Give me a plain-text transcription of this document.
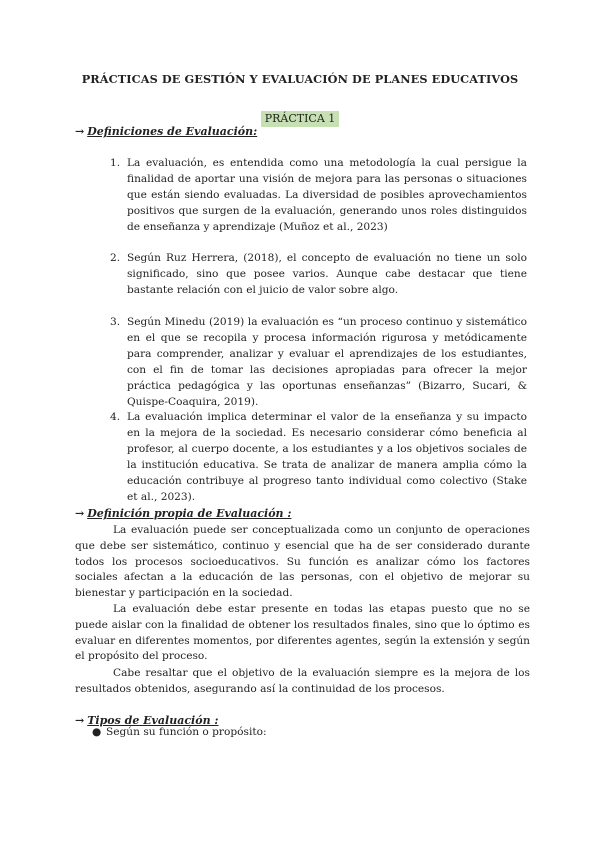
PRÁCTICAS DE GESTIÓN Y EVALUACIÓN DE PLANES EDUCATIVOS
PRÁCTICA 1
→ Definiciones de Evaluación:
1. La evaluación, es entendida como una metodología la cual persigue la finalidad de aportar una visión de mejora para las personas o situaciones que están siendo evaluadas. La diversidad de posibles aprovechamientos positivos que surgen de la evaluación, generando unos roles distinguidos de enseñanza y aprendizaje (Muñoz et al., 2023)
2. Según Ruz Herrera, (2018), el concepto de evaluación no tiene un solo significado, sino que posee varios. Aunque cabe destacar que tiene bastante relación con el juicio de valor sobre algo.
3. Según Minedu (2019) la evaluación es “un proceso continuo y sistemático en el que se recopila y procesa información rigurosa y metódicamente para comprender, analizar y evaluar el aprendizajes de los estudiantes, con el fin de tomar las decisiones apropiadas para ofrecer la mejor práctica pedagógica y las oportunas enseñanzas” (Bizarro, Sucari, & Quispe-Coaquira, 2019).
4. La evaluación implica determinar el valor de la enseñanza y su impacto en la mejora de la sociedad. Es necesario considerar cómo beneficia al profesor, al cuerpo docente, a los estudiantes y a los objetivos sociales de la institución educativa. Se trata de analizar de manera amplia cómo la educación contribuye al progreso tanto individual como colectivo (Stake et al., 2023).
→ Definición propia de Evaluación :
La evaluación puede ser conceptualizada como un conjunto de operaciones que debe ser sistemático, continuo y esencial que ha de ser considerado durante todos los procesos socioeducativos. Su función es analizar cómo los factores sociales afectan a la educación de las personas, con el objetivo de mejorar su bienestar y participación en la sociedad.
La evaluación debe estar presente en todas las etapas puesto que no se puede aislar con la finalidad de obtener los resultados finales, sino que lo óptimo es evaluar en diferentes momentos, por diferentes agentes, según la extensión y según el propósito del proceso.
Cabe resaltar que el objetivo de la evaluación siempre es la mejora de los resultados obtenidos, asegurando así la continuidad de los procesos.
→ Tipos de Evaluación :
● Según su función o propósito:
